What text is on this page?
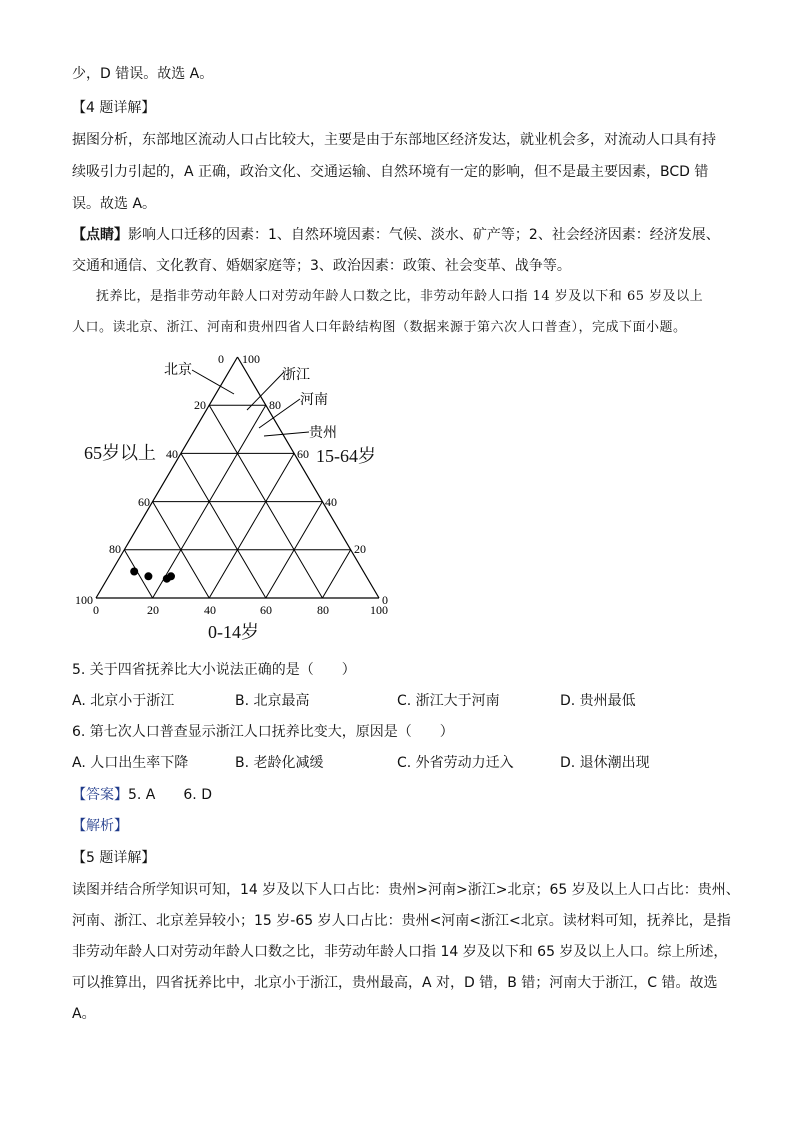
少，D 错误。故选 A。
【4 题详解】
据图分析，东部地区流动人口占比较大，主要是由于东部地区经济发达，就业机会多，对流动人口具有持
续吸引力引起的，A 正确，政治文化、交通运输、自然环境有一定的影响，但不是最主要因素，BCD 错
误。故选 A。
【点睛】影响人口迁移的因素：1、自然环境因素：气候、淡水、矿产等；2、社会经济因素：经济发展、
交通和通信、文化教育、婚姻家庭等；3、政治因素：政策、社会变革、战争等。
抚养比，是指非劳动年龄人口对劳动年龄人口数之比，非劳动年龄人口指 14 岁及以下和 65 岁及以上
人口。读北京、浙江、河南和贵州四省人口年龄结构图（数据来源于第六次人口普查），完成下面小题。
65岁以上	15-64岁
0-14岁
0
20
40
60
80
100
100
80
60
40
20
0
0	20	40	60	80	100
北京	浙江
河南
贵州
5. 关于四省抚养比大小说法正确的是（　　）
A. 北京小于浙江	B. 北京最高	C. 浙江大于河南	D. 贵州最低
6. 第七次人口普查显示浙江人口抚养比变大，原因是（　　）
A. 人口出生率下降	B. 老龄化减缓	C. 外省劳动力迁入	D. 退休潮出现
【答案】5. A　　6. D
【解析】
【5 题详解】
读图并结合所学知识可知，14 岁及以下人口占比：贵州>河南>浙江>北京；65 岁及以上人口占比：贵州、
河南、浙江、北京差异较小；15 岁-65 岁人口占比：贵州<河南<浙江<北京。读材料可知，抚养比，是指
非劳动年龄人口对劳动年龄人口数之比，非劳动年龄人口指 14 岁及以下和 65 岁及以上人口。综上所述，
可以推算出，四省抚养比中，北京小于浙江，贵州最高，A 对，D 错，B 错；河南大于浙江，C 错。故选
A。
